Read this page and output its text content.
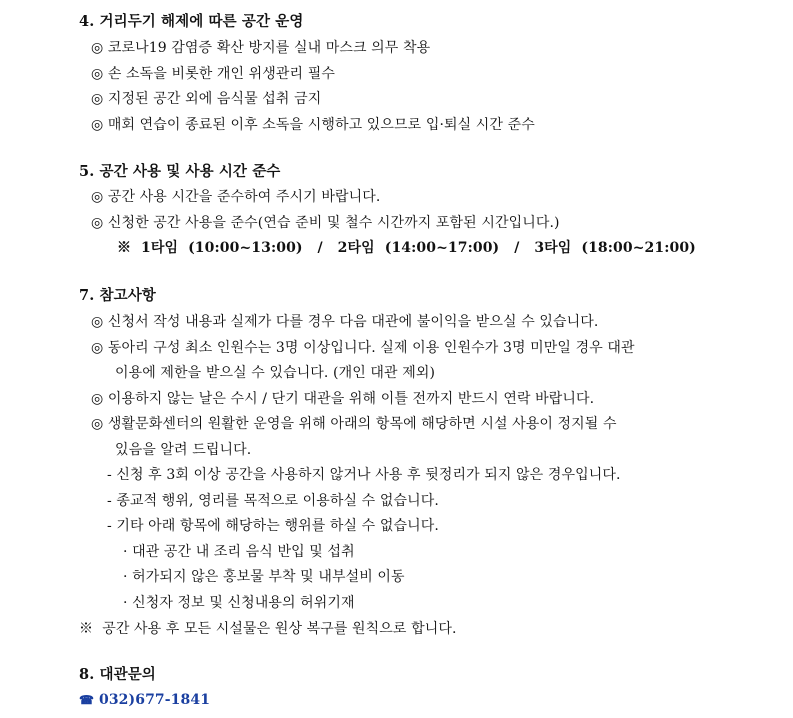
4. 거리두기 해제에 따른 공간 운영
◎ 코로나19 감염증 확산 방지를 실내 마스크 의무 착용
◎ 손 소독을 비롯한 개인 위생관리 필수
◎ 지정된 공간 외에 음식물 섭취 금지
◎ 매회 연습이 종료된 이후 소독을 시행하고 있으므로 입·퇴실 시간 준수
5. 공간 사용 및 사용 시간 준수
◎ 공간 사용 시간을 준수하여 주시기 바랍니다.
◎ 신청한 공간 사용을 준수(연습 준비 및 철수 시간까지 포함된 시간입니다.)
※  1타임  (10:00~13:00)   /   2타임  (14:00~17:00)   /   3타임  (18:00~21:00)
7. 참고사항
◎ 신청서 작성 내용과 실제가 다를 경우 다음 대관에 불이익을 받으실 수 있습니다.
◎ 동아리 구성 최소 인원수는 3명 이상입니다. 실제 이용 인원수가 3명 미만일 경우 대관
이용에 제한을 받으실 수 있습니다. (개인 대관 제외)
◎ 이용하지 않는 날은 수시 / 단기 대관을 위해 이틀 전까지 반드시 연락 바랍니다.
◎ 생활문화센터의 원활한 운영을 위해 아래의 항목에 해당하면 시설 사용이 정지될 수
있음을 알려 드립니다.
- 신청 후 3회 이상 공간을 사용하지 않거나 사용 후 뒷정리가 되지 않은 경우입니다.
- 종교적 행위, 영리를 목적으로 이용하실 수 없습니다.
- 기타 아래 항목에 해당하는 행위를 하실 수 없습니다.
· 대관 공간 내 조리 음식 반입 및 섭취
· 허가되지 않은 홍보물 부착 및 내부설비 이동
· 신청자 정보 및 신청내용의 허위기재
※  공간 사용 후 모든 시설물은 원상 복구를 원칙으로 합니다.
8. 대관문의
☎ 032)677-1841
